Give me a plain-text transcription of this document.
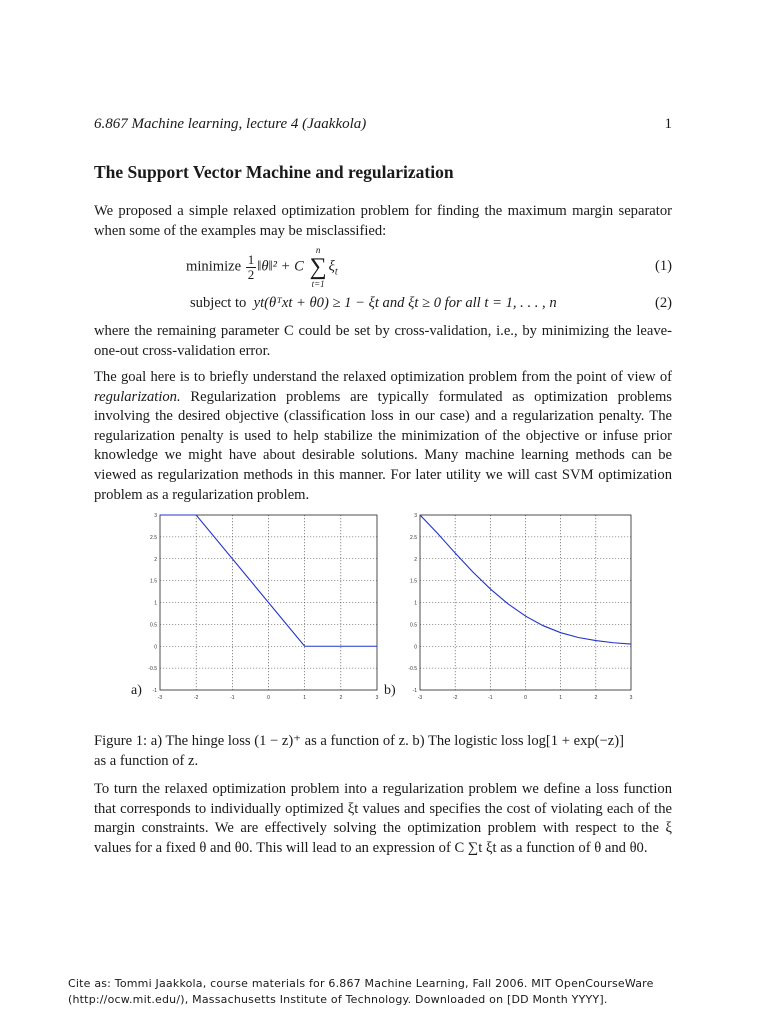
6.867 Machine learning, lecture 4 (Jaakkola)	1
The Support Vector Machine and regularization
We proposed a simple relaxed optimization problem for finding the maximum margin separator when some of the examples may be misclassified:
minimize $\frac{1}{2}$ ‖θ‖² + C
n
∑
t=1
$\xi_t$	(1)
subject to yt(θᵀxt + θ0) ≥ 1 − ξt and ξt ≥ 0 for all t = 1, . . . , n	(2)
where the remaining parameter C could be set by cross-validation, i.e., by minimizing the leave-one-out cross-validation error.
The goal here is to briefly understand the relaxed optimization problem from the point of view of regularization. Regularization problems are typically formulated as optimization problems involving the desired objective (classification loss in our case) and a regularization penalty. The regularization penalty is used to help stabilize the minimization of the objective or infuse prior knowledge we might have about desirable solutions. Many machine learning methods can be viewed as regularization methods in this manner. For later utility we will cast SVM optimization problem as a regularization problem.
-3	-2	-1	0	1	2	3
-1
-0.5
0
0.5
1
1.5
2
2.5
3
-3	-2	-1	0	1	2	3
-1
-0.5
0
0.5
1
1.5
2
2.5
3
a)	b)
Figure 1: a) The hinge loss (1 − z)⁺ as a function of z. b) The logistic loss log[1 + exp(−z)]
as a function of z.
To turn the relaxed optimization problem into a regularization problem we define a loss function that corresponds to individually optimized ξt values and specifies the cost of violating each of the margin constraints. We are effectively solving the optimization problem with respect to the ξ values for a fixed θ and θ0. This will lead to an expression of C ∑t ξt as a function of θ and θ0.
Cite as: Tommi Jaakkola, course materials for 6.867 Machine Learning, Fall 2006. MIT OpenCourseWare
(http://ocw.mit.edu/), Massachusetts Institute of Technology. Downloaded on [DD Month YYYY].
